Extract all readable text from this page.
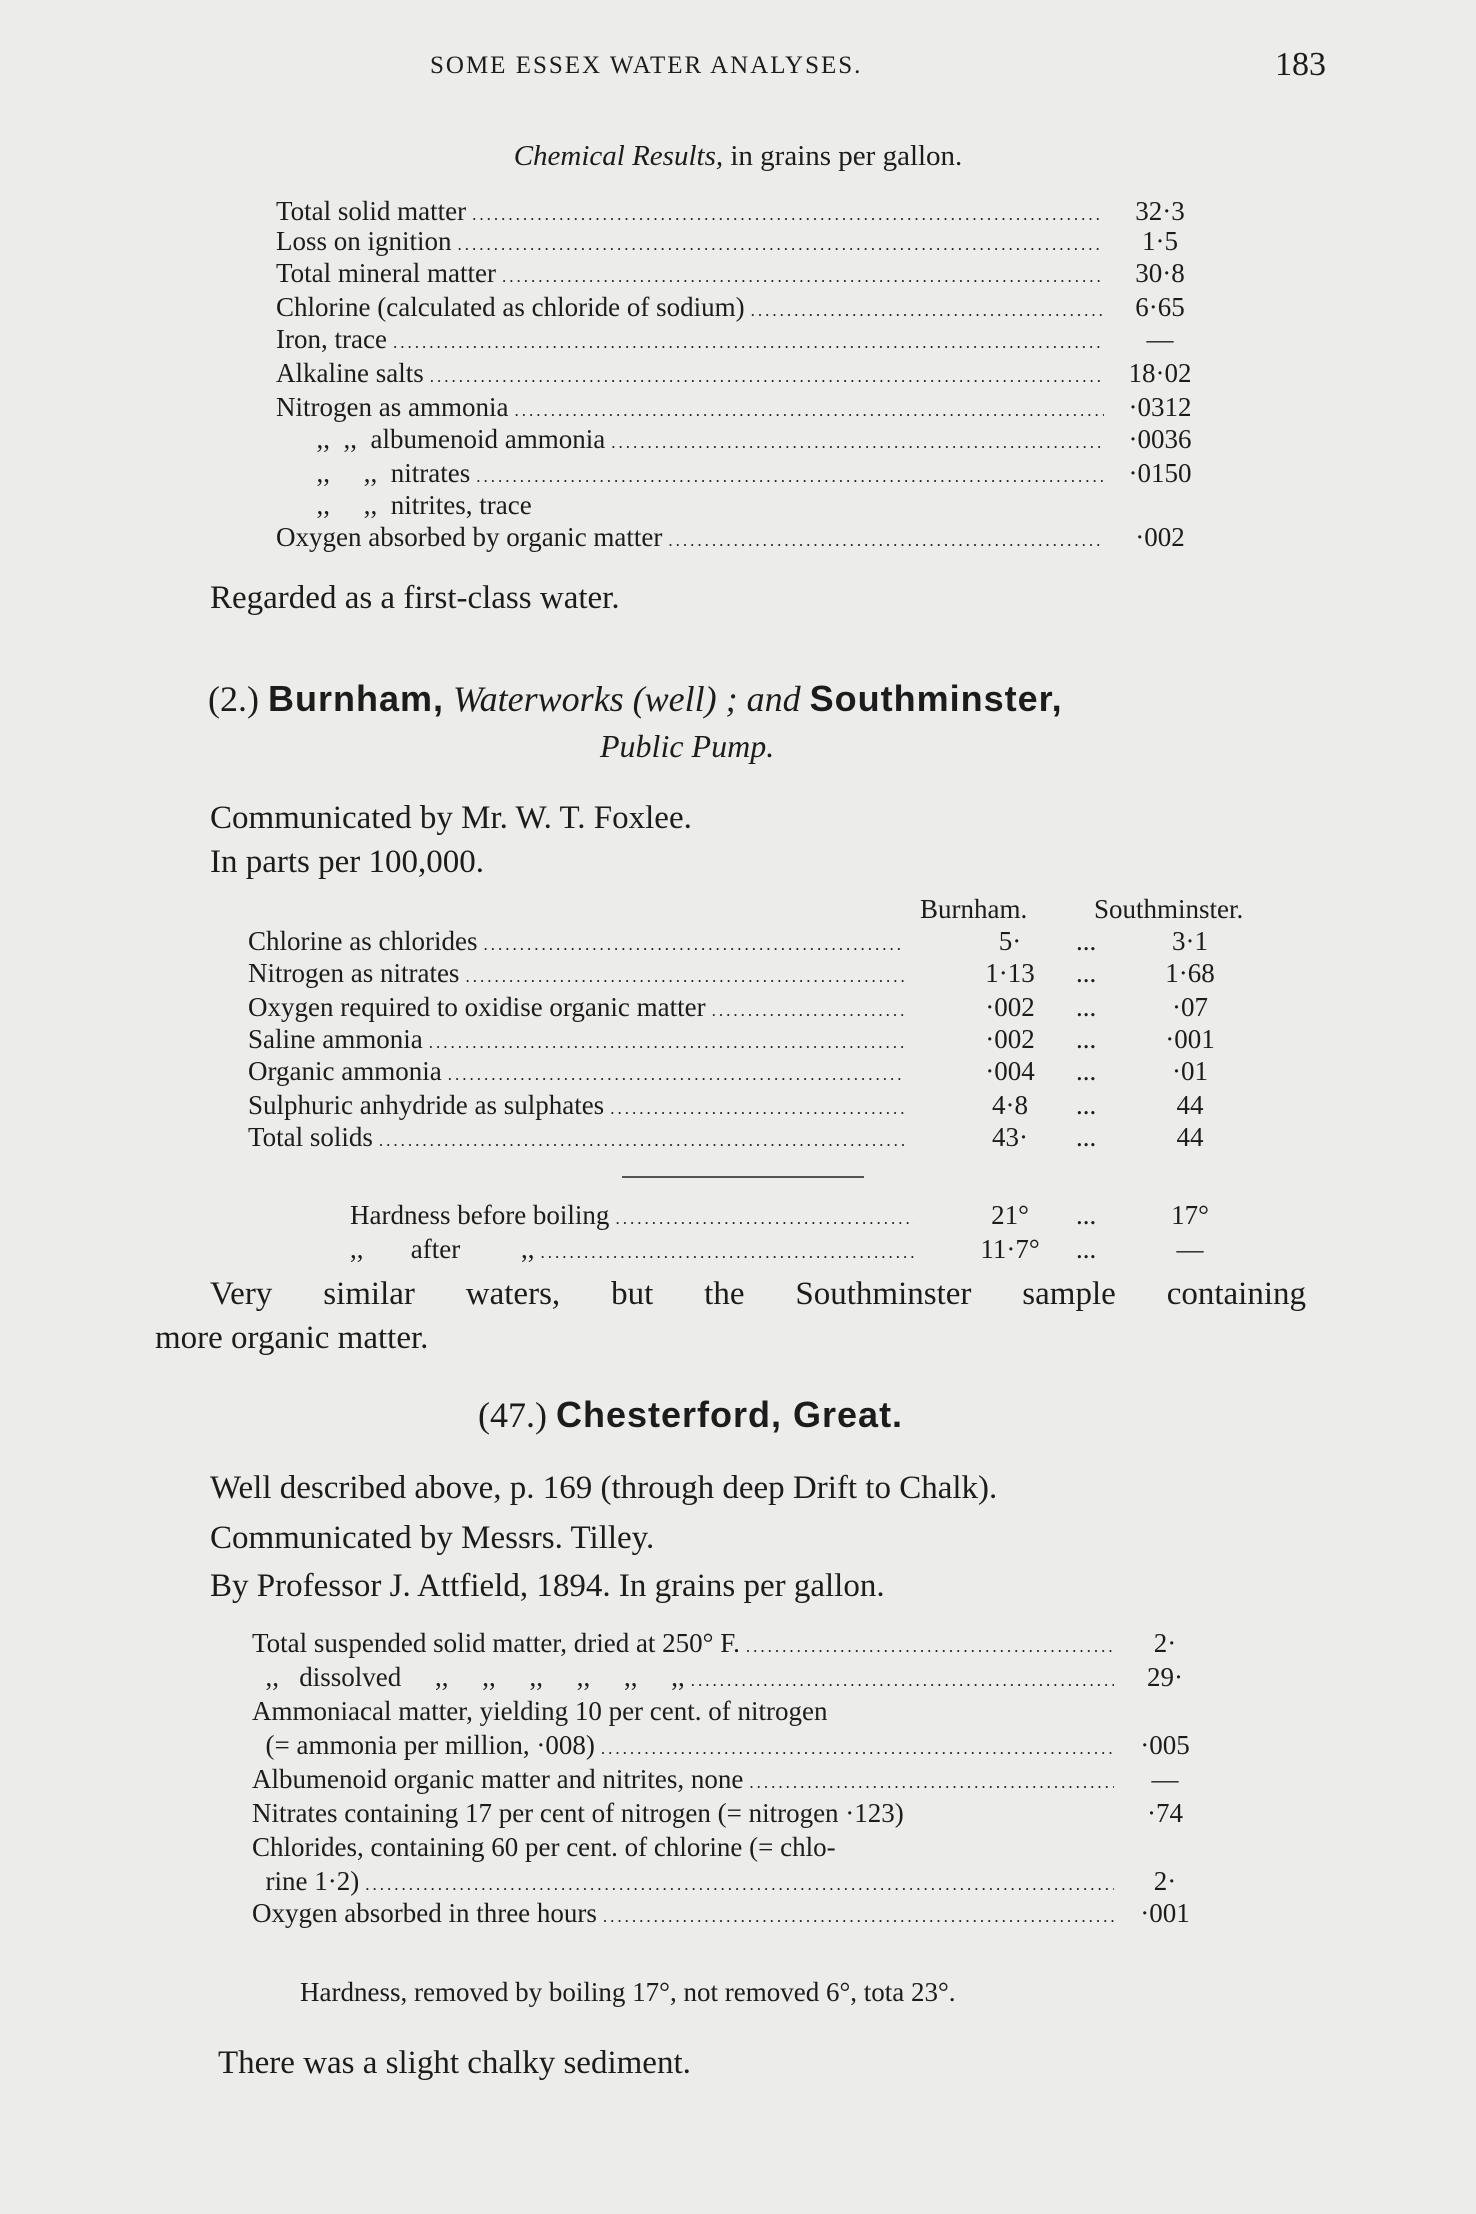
SOME ESSEX WATER ANALYSES.	183
Chemical Results, in grains per gallon.
Total solid matter .....	32·3
Loss on ignition .....	1·5
Total mineral matter .....	30·8
Chlorine (calculated as chloride of sodium) .....	6·65
Iron, trace .....	—
Alkaline salts .....	18·02
Nitrogen as ammonia .....	·0312
,,  ,,  albumenoid ammonia .....	·0036
,,     ,,  nitrates .....	·0150
,,     ,,  nitrites, trace
Oxygen absorbed by organic matter .....	·002
Regarded as a first-class water.
(2.) Burnham, Waterworks (well) ; and Southminster,
Public Pump.
Communicated by Mr. W. T. Foxlee.
In parts per 100,000.
Burnham. Southminster.
Chlorine as chlorides .....	5·	...	3·1
Nitrogen as nitrates .....	1·13	...	1·68
Oxygen required to oxidise organic matter .....	·002	...	·07
Saline ammonia .....	·002	...	·001
Organic ammonia .....	·004	...	·01
Sulphuric anhydride as sulphates .....	4·8	...	44
Total solids .....	43·	...	44
Hardness before boiling .....	21°	...	17°
,,       after         ,, .....	11·7°	...	—
Very similar waters, but the Southminster sample containing
more organic matter.
(47.) Chesterford, Great.
Well described above, p. 169 (through deep Drift to Chalk).
Communicated by Messrs. Tilley.
By Professor J. Attfield, 1894. In grains per gallon.
Total suspended solid matter, dried at 250° F. .....	2·
,,   dissolved     ,,     ,,     ,,     ,,     ,,     ,, .....	29·
Ammoniacal matter, yielding 10 per cent. of nitrogen
(= ammonia per million, ·008) .....	·005
Albumenoid organic matter and nitrites, none .....	—
Nitrates containing 17 per cent of nitrogen (= nitrogen ·123)	·74
Chlorides, containing 60 per cent. of chlorine (= chlo-
rine 1·2) .....	2·
Oxygen absorbed in three hours .....	·001
Hardness, removed by boiling 17°, not removed 6°, tota 23°.
There was a slight chalky sediment.
